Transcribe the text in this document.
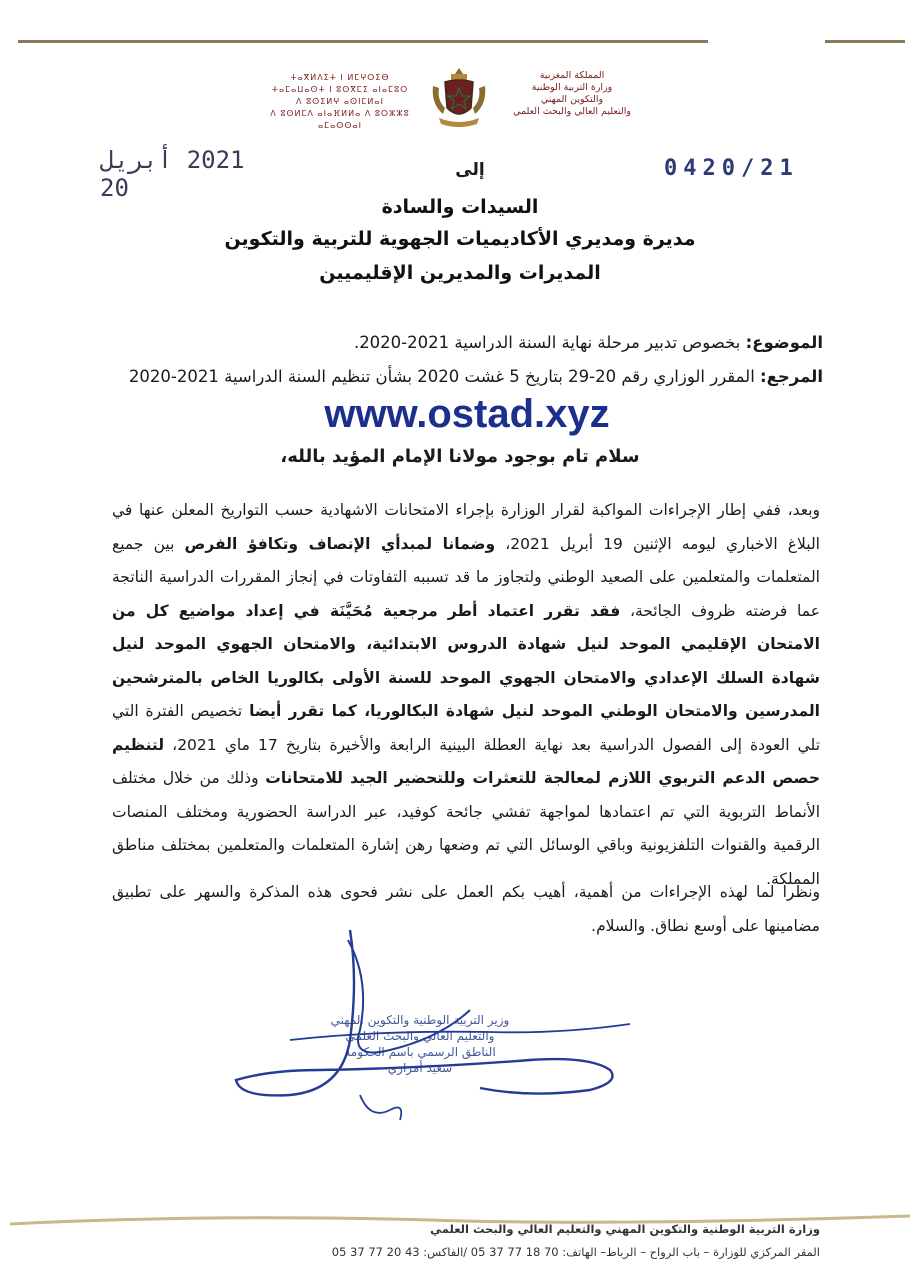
المملكة المغربية
وزارة التربية الوطنية
والتكوين المهني
والتعليم العالي والبحث العلمي
ⵜⴰⴳⵍⴷⵉⵜ ⵏ ⵍⵎⵖⵔⵉⴱ
ⵜⴰⵎⴰⵡⴰⵙⵜ ⵏ ⵓⵙⴳⵎⵉ ⴰⵏⴰⵎⵓⵔ
ⴷ ⵓⵙⵉⵍⵖ ⴰⵙⵏⵎⵍⴰⵏ
ⴷ ⵓⵙⵍⵎⴷ ⴰⵏⴰⴼⵍⵍⴰ ⴷ ⵓⵔⵣⵣⵓ ⴰⵎⴰⵙⵙⴰⵏ
2021 أبريل 20
0420/21
إلى
السيدات والسادة
مديرة ومديري الأكاديميات الجهوية للتربية والتكوين
المديرات والمديرين الإقليميين
الموضوع: بخصوص تدبير مرحلة نهاية السنة الدراسية 2021-2020.
المرجع: المقرر الوزاري رقم 20-29 بتاريخ 5 غشت 2020 بشأن تنظيم السنة الدراسية 2021-2020
www.ostad.xyz
سلام تام بوجود مولانا الإمام المؤيد بالله،
وبعد، ففي إطار الإجراءات المواكبة لقرار الوزارة بإجراء الامتحانات الاشهادية حسب التواريخ المعلن عنها في البلاغ الاخباري ليومه الإثنين 19 أبريل 2021، وضمانا لمبدأي الإنصاف وتكافؤ الفرص بين جميع المتعلمات والمتعلمين على الصعيد الوطني ولتجاوز ما قد تسببه التفاوتات في إنجاز المقررات الدراسية الناتجة عما فرضته ظروف الجائحة، فقد تقرر اعتماد أطر مرجعية مُحَيَّنَة في إعداد مواضيع كل من الامتحان الإقليمي الموحد لنيل شهادة الدروس الابتدائية، والامتحان الجهوي الموحد لنيل شهادة السلك الإعدادي والامتحان الجهوي الموحد للسنة الأولى بكالوريا الخاص بالمترشحين المدرسين والامتحان الوطني الموحد لنيل شهادة البكالوريا، كما تقرر أيضا تخصيص الفترة التي تلي العودة إلى الفصول الدراسية بعد نهاية العطلة البينية الرابعة والأخيرة بتاريخ 17 ماي 2021، لتنظيم حصص الدعم التربوي اللازم لمعالجة للتعثرات وللتحضير الجيد للامتحانات وذلك من خلال مختلف الأنماط التربوية التي تم اعتمادها لمواجهة تفشي جائحة كوفيد، عبر الدراسة الحضورية ومختلف المنصات الرقمية والقنوات التلفزيونية وباقي الوسائل التي تم وضعها رهن إشارة المتعلمات والمتعلمين بمختلف مناطق المملكة.
ونظرا لما لهذه الإجراءات من أهمية، أهيب بكم العمل على نشر فحوى هذه المذكرة والسهر على تطبيق مضامينها على أوسع نطاق. والسلام.
وزير التربية الوطنية والتكوين المهني
والتعليم العالي والبحث العلمي
الناطق الرسمي باسم الحكومة
سعيد أمزازي
وزارة التربية الوطنية والتكوين المهني والتعليم العالي والبحث العلمي
المقر المركزي للوزارة – باب الرواح – الرباط– الهاتف: 70 18 77 37 05 /الفاكس: 43 20 77 37 05
